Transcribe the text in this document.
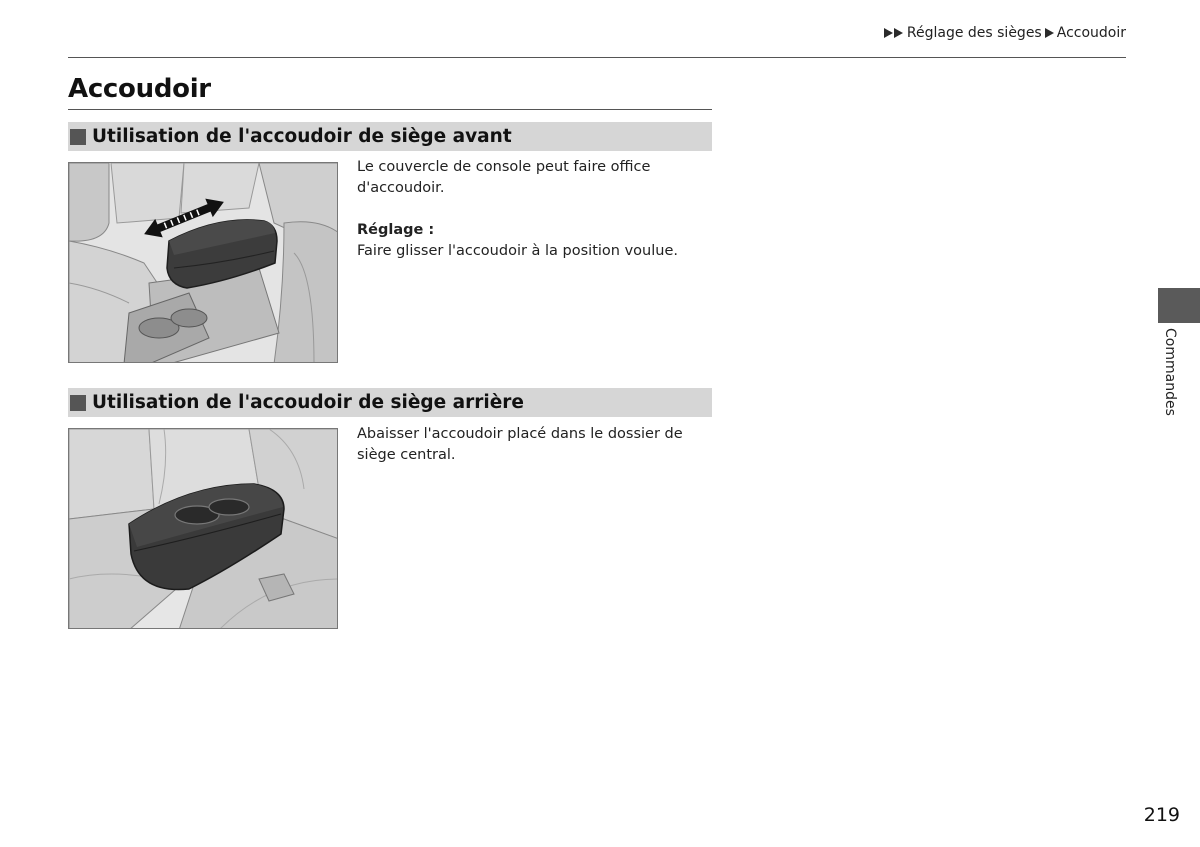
Réglage des sièges Accoudoir
Accoudoir
Utilisation de l'accoudoir de siège avant

Le couvercle de console peut faire office d'accoudoir.

Réglage :

Faire glisser l'accoudoir à la position voulue.

Utilisation de l'accoudoir de siège arrière

Abaisser l'accoudoir placé dans le dossier de siège central.

Commandes
219
